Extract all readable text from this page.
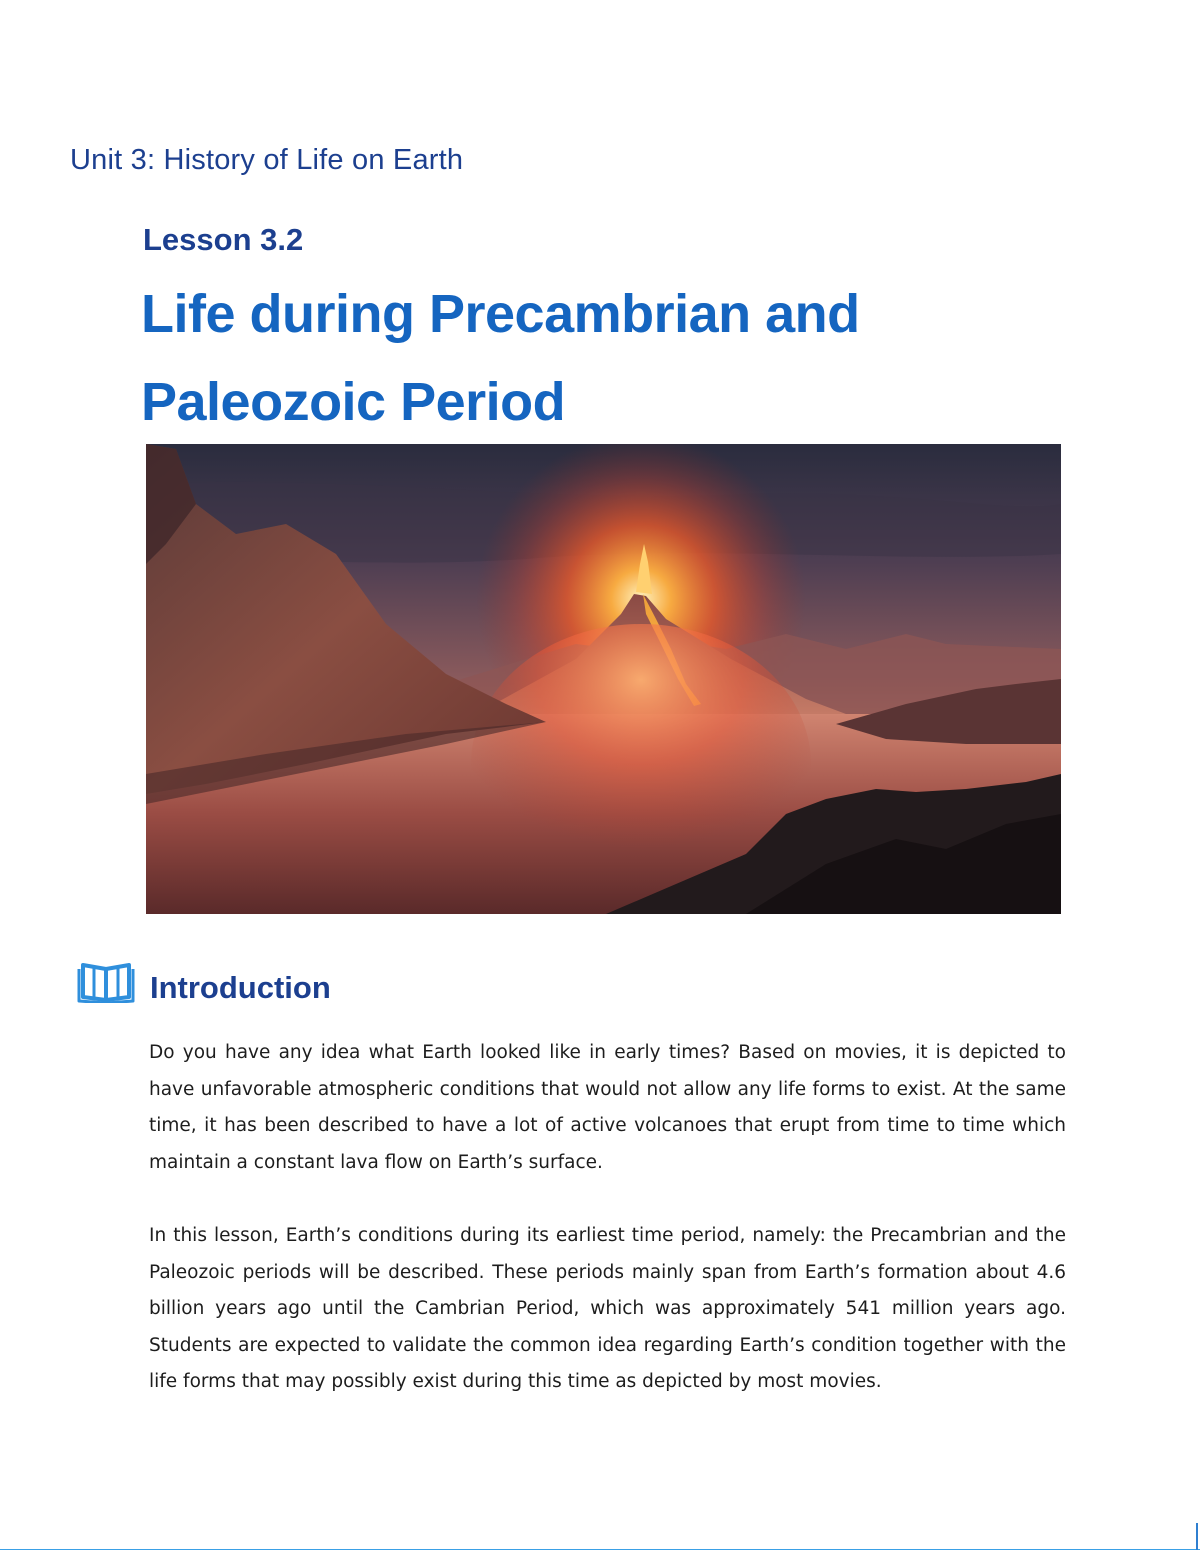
Unit 3: History of Life on Earth
Lesson 3.2
Life during Precambrian and Paleozoic Period
Introduction

Do you have any idea what Earth looked like in early times? Based on movies, it is depicted to have unfavorable atmospheric conditions that would not allow any life forms to exist. At the same time, it has been described to have a lot of active volcanoes that erupt from time to time which maintain a constant lava flow on Earth’s surface.

In this lesson, Earth’s conditions during its earliest time period, namely: the Precambrian and the Paleozoic periods will be described. These periods mainly span from Earth’s formation about 4.6 billion years ago until the Cambrian Period, which was approximately 541 million years ago. Students are expected to validate the common idea regarding Earth’s condition together with the life forms that may possibly exist during this time as depicted by most movies.
